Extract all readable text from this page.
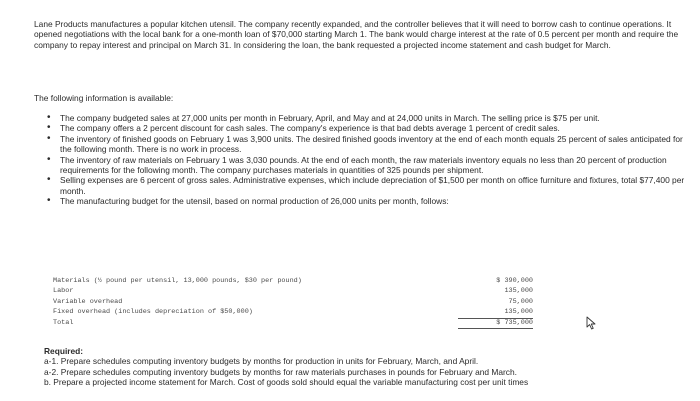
Lane Products manufactures a popular kitchen utensil. The company recently expanded, and the controller believes that it will need to borrow cash to continue operations. It opened negotiations with the local bank for a one-month loan of $70,000 starting March 1. The bank would charge interest at the rate of 0.5 percent per month and require the company to repay interest and principal on March 31. In considering the loan, the bank requested a projected income statement and cash budget for March.

The following information is available:
• The company budgeted sales at 27,000 units per month in February, April, and May and at 24,000 units in March. The selling price is $75 per unit.
• The company offers a 2 percent discount for cash sales. The company's experience is that bad debts average 1 percent of credit sales.
• The inventory of finished goods on February 1 was 3,900 units. The desired finished goods inventory at the end of each month equals 25 percent of sales anticipated for the following month. There is no work in process.
• The inventory of raw materials on February 1 was 3,030 pounds. At the end of each month, the raw materials inventory equals no less than 20 percent of production requirements for the following month. The company purchases materials in quantities of 325 pounds per shipment.
• Selling expenses are 6 percent of gross sales. Administrative expenses, which include depreciation of $1,500 per month on office furniture and fixtures, total $77,400 per month.
• The manufacturing budget for the utensil, based on normal production of 26,000 units per month, follows:
Materials (½ pound per utensil, 13,000 pounds, $30 per pound)	$ 390,000
Labor	135,000
Variable overhead	75,000
Fixed overhead (includes depreciation of $50,000)	135,000
Total	$ 735,000

Required:

a-1. Prepare schedules computing inventory budgets by months for production in units for February, March, and April.

a-2. Prepare schedules computing inventory budgets by months for raw materials purchases in pounds for February and March.

b. Prepare a projected income statement for March. Cost of goods sold should equal the variable manufacturing cost per unit times
